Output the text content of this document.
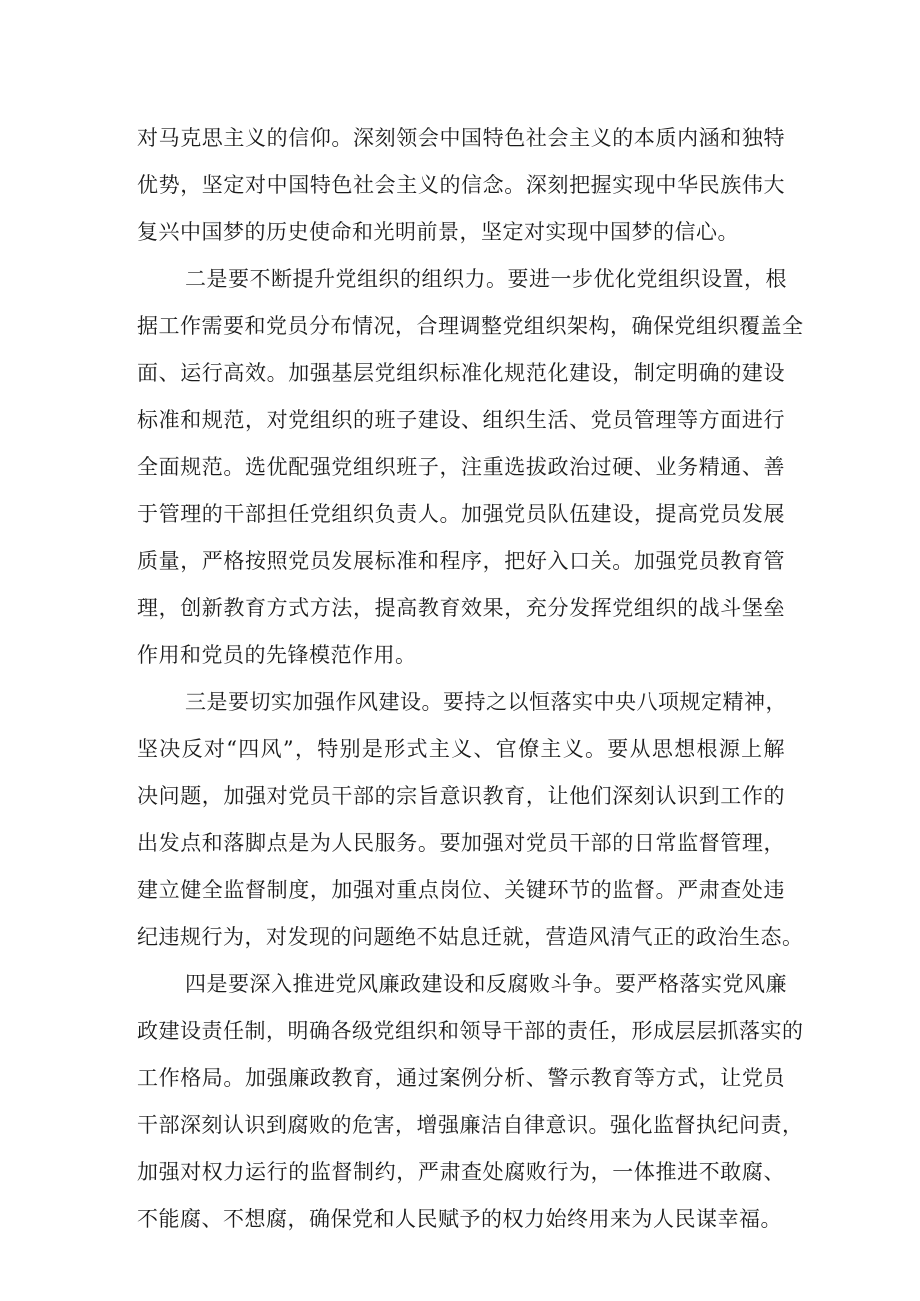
对马克思主义的信仰。深刻领会中国特色社会主义的本质内涵和独特
优势，坚定对中国特色社会主义的信念。深刻把握实现中华民族伟大
复兴中国梦的历史使命和光明前景，坚定对实现中国梦的信心。
二是要不断提升党组织的组织力。要进一步优化党组织设置，根
据工作需要和党员分布情况，合理调整党组织架构，确保党组织覆盖全
面、运行高效。加强基层党组织标准化规范化建设，制定明确的建设
标准和规范，对党组织的班子建设、组织生活、党员管理等方面进行
全面规范。选优配强党组织班子，注重选拔政治过硬、业务精通、善
于管理的干部担任党组织负责人。加强党员队伍建设，提高党员发展
质量，严格按照党员发展标准和程序，把好入口关。加强党员教育管
理，创新教育方式方法，提高教育效果，充分发挥党组织的战斗堡垒
作用和党员的先锋模范作用。
三是要切实加强作风建设。要持之以恒落实中央八项规定精神，
坚决反对“四风”，特别是形式主义、官僚主义。要从思想根源上解
决问题，加强对党员干部的宗旨意识教育，让他们深刻认识到工作的
出发点和落脚点是为人民服务。要加强对党员干部的日常监督管理，
建立健全监督制度，加强对重点岗位、关键环节的监督。严肃查处违
纪违规行为，对发现的问题绝不姑息迁就，营造风清气正的政治生态。
四是要深入推进党风廉政建设和反腐败斗争。要严格落实党风廉
政建设责任制，明确各级党组织和领导干部的责任，形成层层抓落实的
工作格局。加强廉政教育，通过案例分析、警示教育等方式，让党员
干部深刻认识到腐败的危害，增强廉洁自律意识。强化监督执纪问责，
加强对权力运行的监督制约，严肃查处腐败行为，一体推进不敢腐、
不能腐、不想腐，确保党和人民赋予的权力始终用来为人民谋幸福。
